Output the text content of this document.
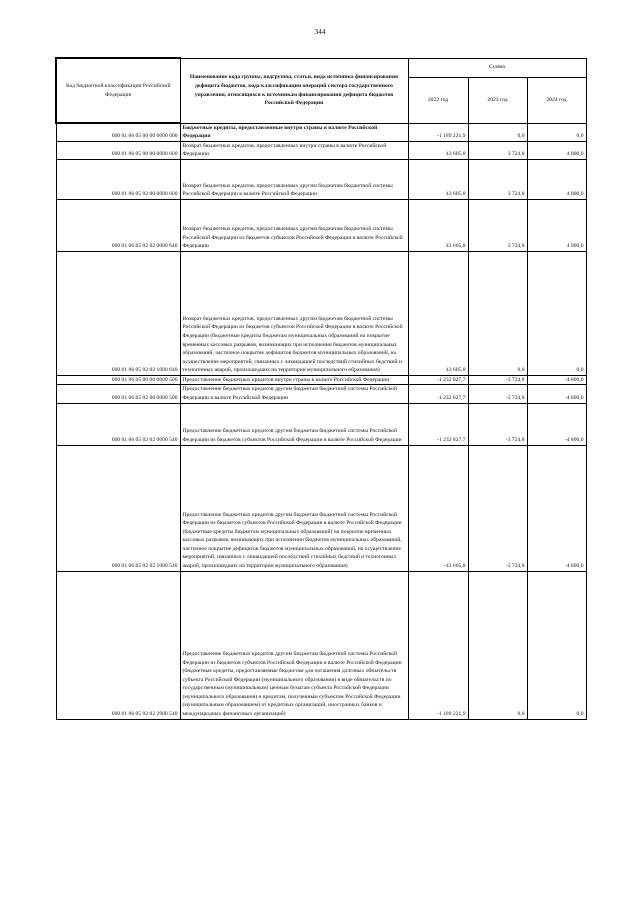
344
Код бюджетной классификации Российской Федерации	Наименование кода группы, подгруппы, статьи, вида источника финансирования дефицита бюджетов, кода классификации операций сектора государственного управления, относящихся к источникам финансирования дефицита бюджетов Российской Федерации	Сумма		
		2022 год	2023 год	2024 год
000 01 06 05 00 00 0000 000	Бюджетные кредиты, предоставленные внутри страны в валюте Российской Федерации	-1 189 221,9	0,0	0,0
000 01 06 05 00 00 0000 600	Возврат бюджетных кредитов, предоставленных внутри страны в валюте Российской Федерации	43 605,8	3 724,8	4 800,0
000 01 06 05 02 00 0000 600	Возврат бюджетных кредитов, предоставленных другим бюджетам бюджетной системы Российской Федерации в валюте Российской Федерации	43 605,8	3 724,8	4 800,0
000 01 06 05 02 02 0000 640	Возврат бюджетных кредитов, предоставленных другим бюджетам бюджетной системы Российской Федерации из бюджетов субъектов Российской Федерации в валюте Российской Федерации	43 605,8	3 724,8	4 800,0
000 01 06 05 02 02 1000 640	Возврат бюджетных кредитов, предоставленных другим бюджетам бюджетной системы Российской Федерации из бюджетов субъектов Российской Федерации в валюте Российской Федерации (бюджетные кредиты бюджетам муниципальных образований на покрытие временных кассовых разрывов, возникающих при исполнении бюджетов муниципальных образований, частичное покрытие дефицитов бюджетов муниципальных образований, на осуществление мероприятий, связанных с ликвидацией последствий стихийных бедствий и техногенных аварий, произошедших на территории муниципального образования)	43 605,8	0,0	0,0
000 01 06 05 00 00 0000 500	Предоставление бюджетных кредитов внутри страны в валюте Российской Федерации	-1 232 827,7	-3 724,8	-4 800,0
000 01 06 05 02 00 0000 500	Предоставление бюджетных кредитов другим бюджетам бюджетной системы Российской Федерации в валюте Российской Федерации	-1 232 827,7	-3 724,8	-4 800,0
000 01 06 05 02 02 0000 540	Предоставление бюджетных кредитов другим бюджетам бюджетной системы Российской Федерации из бюджетов субъектов Российской Федерации в валюте Российской Федерации	-1 232 827,7	-3 724,8	-4 800,0
000 01 06 05 02 02 1000 540	Предоставление бюджетных кредитов другим бюджетам бюджетной системы Российской Федерации из бюджетов субъектов Российской Федерации в валюте Российской Федерации (бюджетные кредиты бюджетам муниципальных образований) на покрытие временных кассовых разрывов, возникающих при исполнении бюджетов муниципальных образований, частичное покрытие дефицитов бюджетов муниципальных образований, на осуществление мероприятий, связанных с ликвидацией последствий стихийных бедствий и техногенных аварий, произошедших на территории муниципального образования)	-43 605,8	-3 724,8	-4 800,0
000 01 06 05 02 02 2900 540	Предоставление бюджетных кредитов другим бюджетам бюджетной системы Российской Федерации из бюджетов субъектов Российской Федерации в валюте Российской Федерации (бюджетные кредиты, предоставляемые бюджетам для погашения долговых обязательств субъекта Российской Федерации (муниципального образования) в виде обязательств по государственным (муниципальным) ценным бумагам субъекта Российской Федерации (муниципального образования) и кредитам, полученным субъектом Российской Федерации (муниципальным образованием) от кредитных организаций, иностранных банков и международных финансовых организаций)	-1 189 221,9	0,0	0,0
